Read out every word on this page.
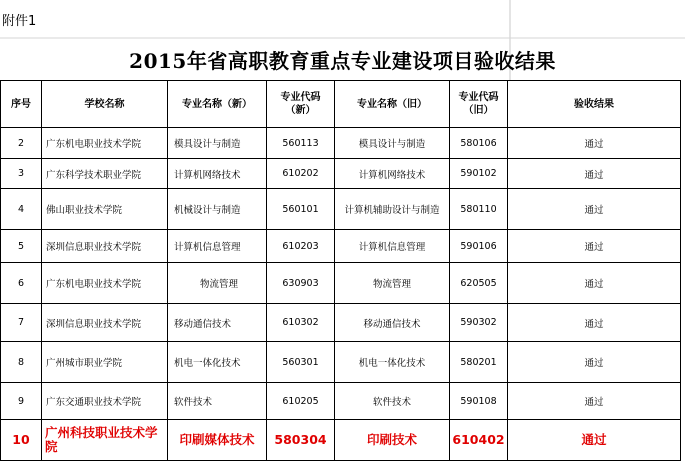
附件1
2015年省高职教育重点专业建设项目验收结果
序号	学校名称	专业名称（新）	专业代码（新）	专业名称（旧）	专业代码（旧）	验收结果
2	广东机电职业技术学院	模具设计与制造	560113	模具设计与制造	580106	通过
3	广东科学技术职业学院	计算机网络技术	610202	计算机网络技术	590102	通过
4	佛山职业技术学院	机械设计与制造	560101	计算机辅助设计与制造	580110	通过
5	深圳信息职业技术学院	计算机信息管理	610203	计算机信息管理	590106	通过
6	广东机电职业技术学院	物流管理	630903	物流管理	620505	通过
7	深圳信息职业技术学院	移动通信技术	610302	移动通信技术	590302	通过
8	广州城市职业学院	机电一体化技术	560301	机电一体化技术	580201	通过
9	广东交通职业技术学院	软件技术	610205	软件技术	590108	通过
10	广州科技职业技术学院	印刷媒体技术	580304	印刷技术	610402	通过
